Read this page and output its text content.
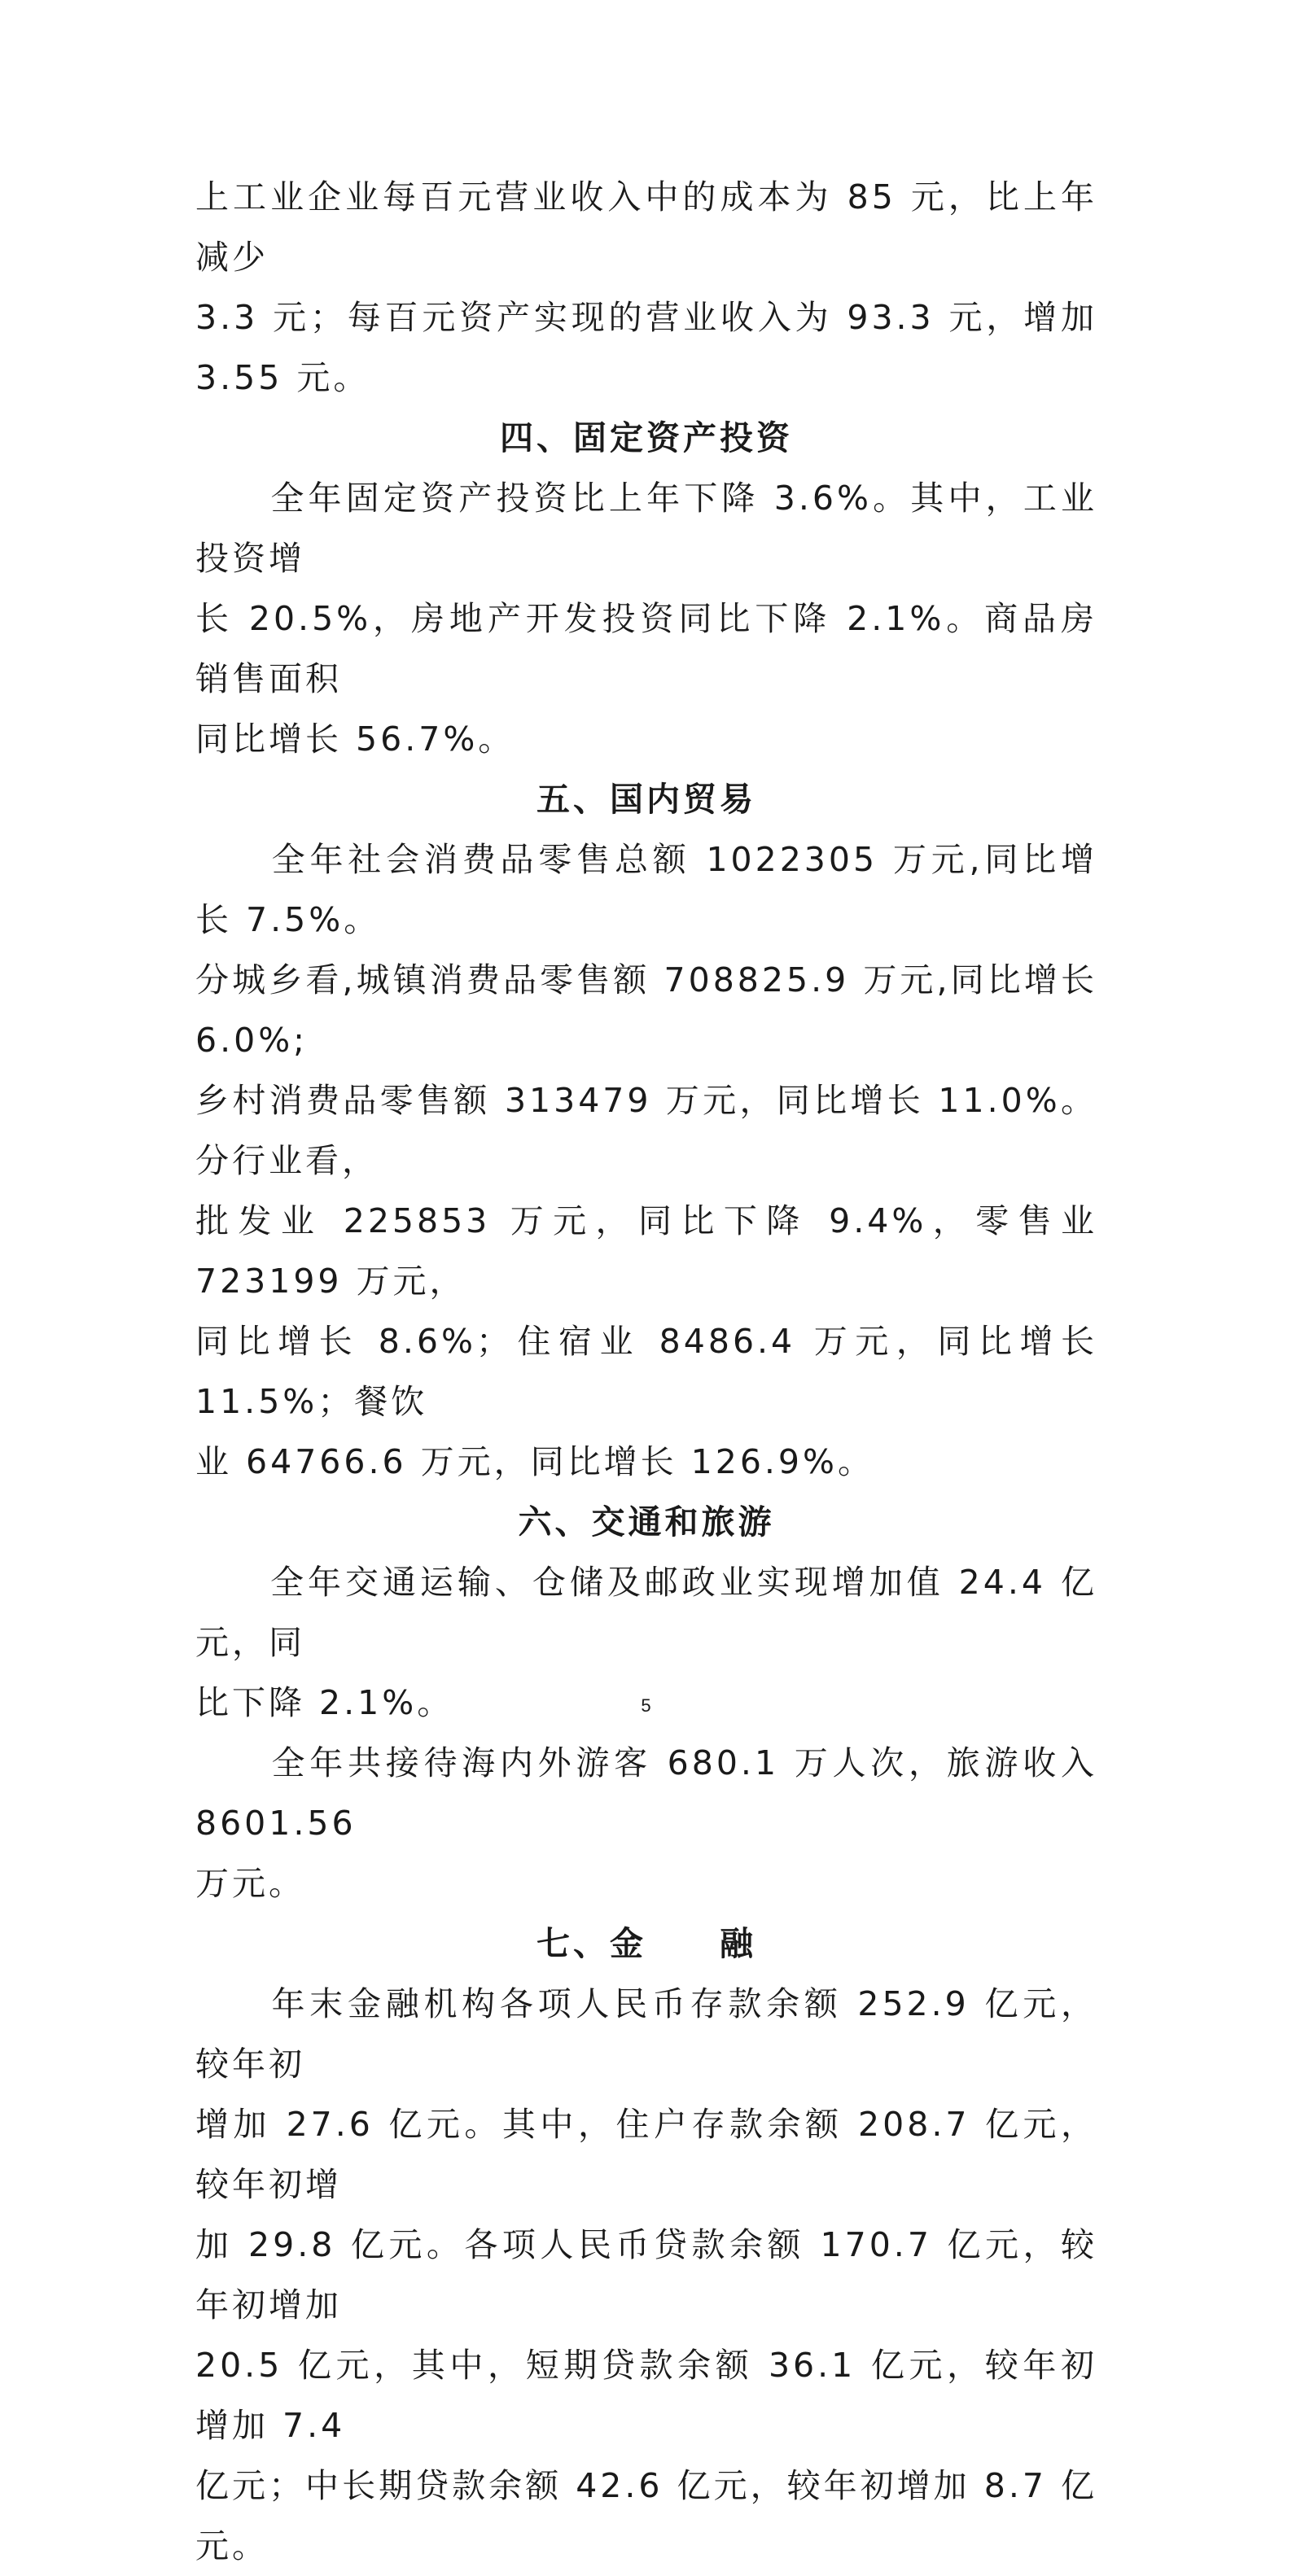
上工业企业每百元营业收入中的成本为 85 元，比上年减少
3.3 元；每百元资产实现的营业收入为 93.3 元，增加 3.55 元。

四、固定资产投资

　　全年固定资产投资比上年下降 3.6%。其中，工业投资增
长 20.5%，房地产开发投资同比下降 2.1%。商品房销售面积
同比增长 56.7%。

五、国内贸易

　　全年社会消费品零售总额 1022305 万元,同比增长 7.5%。
分城乡看,城镇消费品零售额 708825.9 万元,同比增长 6.0%;
乡村消费品零售额 313479 万元，同比增长 11.0%。分行业看，
批发业 225853 万元，同比下降 9.4%，零售业 723199 万元，
同比增长 8.6%；住宿业 8486.4 万元，同比增长 11.5%；餐饮
业 64766.6 万元，同比增长 126.9%。

六、交通和旅游

　　全年交通运输、仓储及邮政业实现增加值 24.4 亿元，同
比下降 2.1%。

　　全年共接待海内外游客 680.1 万人次，旅游收入 8601.56
万元。

七、金　　融

　　年末金融机构各项人民币存款余额 252.9 亿元，较年初
增加 27.6 亿元。其中，住户存款余额 208.7 亿元，较年初增
加 29.8 亿元。各项人民币贷款余额 170.7 亿元，较年初增加
20.5 亿元，其中，短期贷款余额 36.1 亿元，较年初增加 7.4
亿元；中长期贷款余额 42.6 亿元，较年初增加 8.7 亿元。

5
